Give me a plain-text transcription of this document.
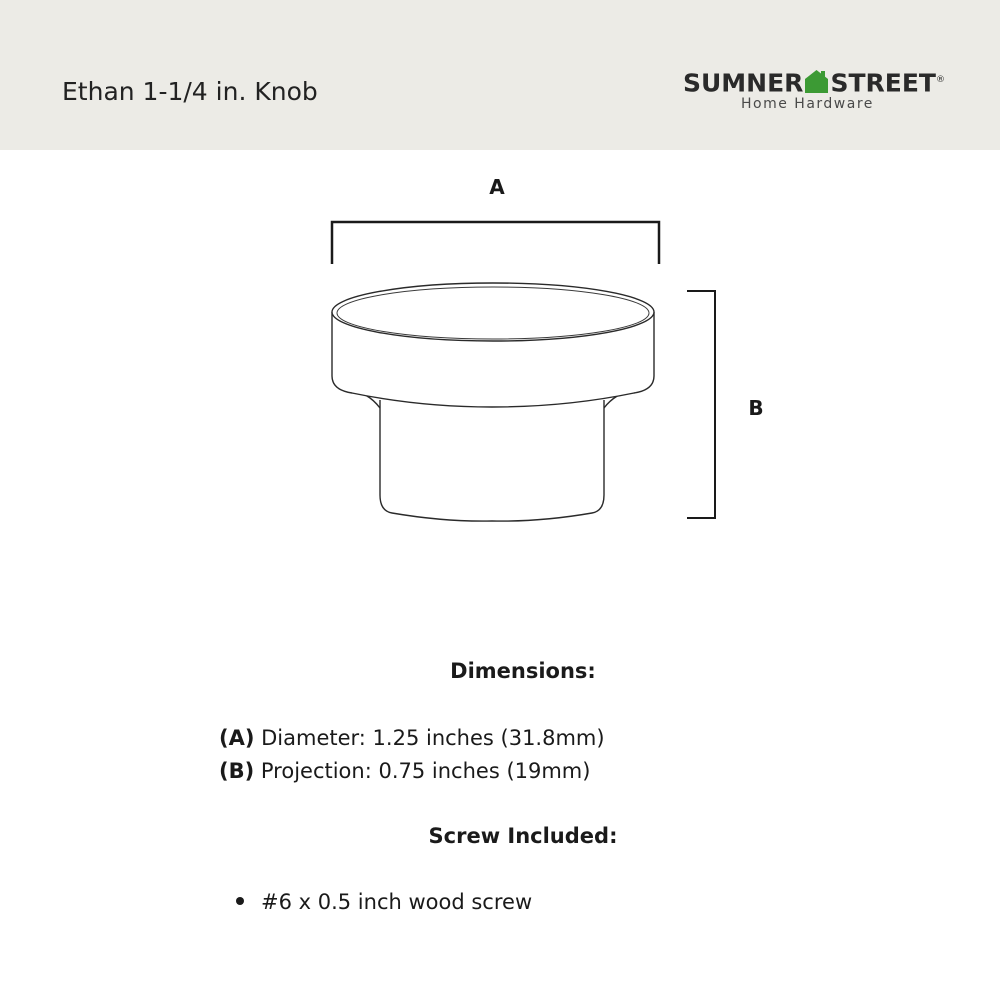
Ethan 1-1/4 in. Knob	SUMNER STREET®
Home Hardware
A
B
Dimensions:
(A) Diameter: 1.25 inches (31.8mm)
(B) Projection: 0.75 inches (19mm)
Screw Included:
#6 x 0.5 inch wood screw
